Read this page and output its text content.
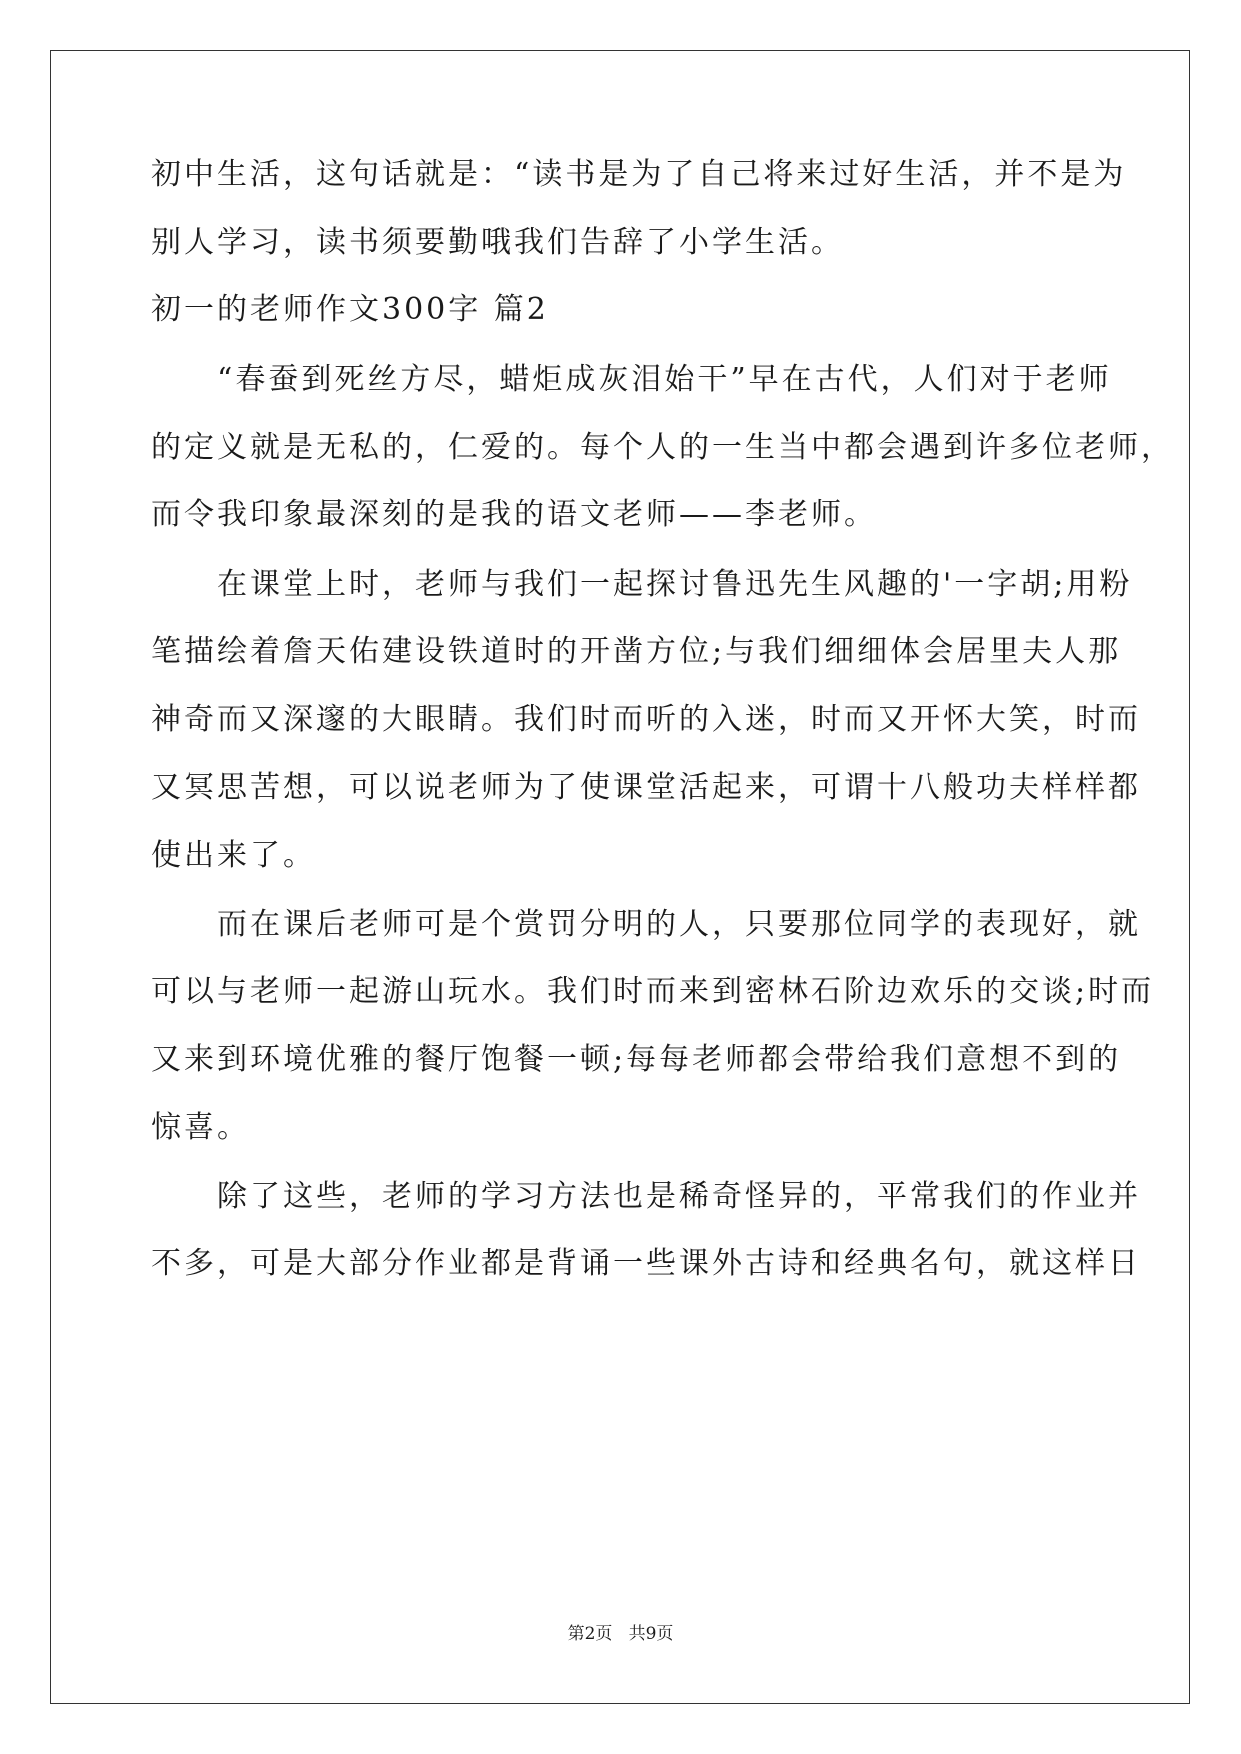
初中生活，这句话就是：“读书是为了自己将来过好生活，并不是为
别人学习，读书须要勤哦我们告辞了小学生活。
初一的老师作文300字 篇2
　　“春蚕到死丝方尽，蜡炬成灰泪始干”早在古代，人们对于老师
的定义就是无私的，仁爱的。每个人的一生当中都会遇到许多位老师，
而令我印象最深刻的是我的语文老师——李老师。
　　在课堂上时，老师与我们一起探讨鲁迅先生风趣的'一字胡;用粉
笔描绘着詹天佑建设铁道时的开凿方位;与我们细细体会居里夫人那
神奇而又深邃的大眼睛。我们时而听的入迷，时而又开怀大笑，时而
又冥思苦想，可以说老师为了使课堂活起来，可谓十八般功夫样样都
使出来了。
　　而在课后老师可是个赏罚分明的人，只要那位同学的表现好，就
可以与老师一起游山玩水。我们时而来到密林石阶边欢乐的交谈;时而
又来到环境优雅的餐厅饱餐一顿;每每老师都会带给我们意想不到的
惊喜。
　　除了这些，老师的学习方法也是稀奇怪异的，平常我们的作业并
不多，可是大部分作业都是背诵一些课外古诗和经典名句，就这样日
第2页   共9页
